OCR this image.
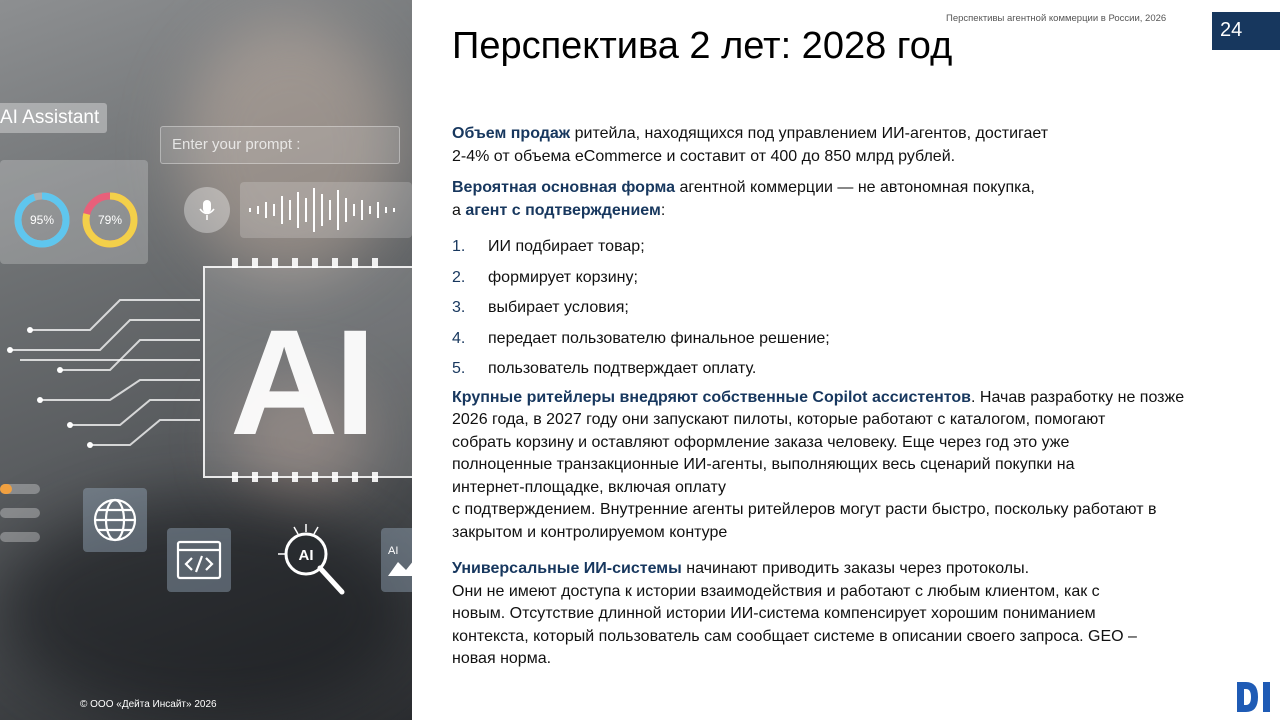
AI Assistant
Enter your prompt :
95%	79%
AI
AI	AI
© ООО «Дейта Инсайт» 2026
Перспективы агентной коммерции в России, 2026
24
Перспектива 2 лет: 2028 год

Объем продаж ритейла, находящихся под управлением ИИ-агентов, достигает
2-4% от объема eCommerce и составит от 400 до 850 млрд рублей.

Вероятная основная форма агентной коммерции — не автономная покупка,
а агент с подтверждением:

1.	ИИ подбирает товар;
2.	формирует корзину;
3.	выбирает условия;
4.	передает пользователю финальное решение;
5.	пользователь подтверждает оплату.

Крупные ритейлеры внедряют собственные Copilot ассистентов. Начав разработку не позже
2026 года, в 2027 году они запускают пилоты, которые работают с каталогом, помогают
собрать корзину и оставляют оформление заказа человеку. Еще через год это уже
полноценные транзакционные ИИ-агенты, выполняющих весь сценарий покупки на
интернет-площадке, включая оплату
с подтверждением. Внутренние агенты ритейлеров могут расти быстро, поскольку работают в
закрытом и контролируемом контуре

Универсальные ИИ-системы начинают приводить заказы через протоколы.
Они не имеют доступа к истории взаимодействия и работают с любым клиентом, как с
новым. Отсутствие длинной истории ИИ-система компенсирует хорошим пониманием
контекста, который пользователь сам сообщает системе в описании своего запроса. GEO –
новая норма.
